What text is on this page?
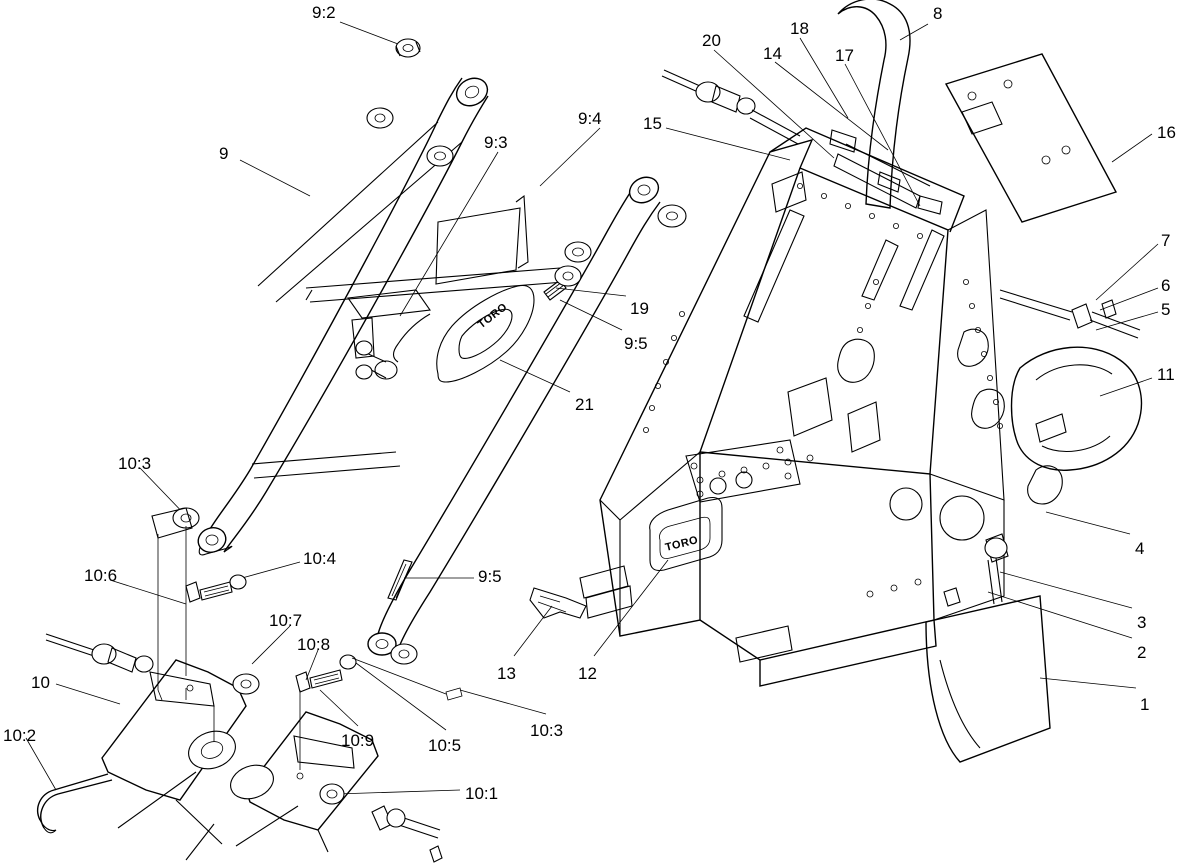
9:2	8
18
20
14	17
9:4 15	16
9:3
9
7
6
5
19
9:5
11
21
10:3
4
10:4
9:5
10:6
3
10:7
2
10:8
13	12
10
1
10:9	10:5
10:3
10:2
10:1
TORO
TORO
